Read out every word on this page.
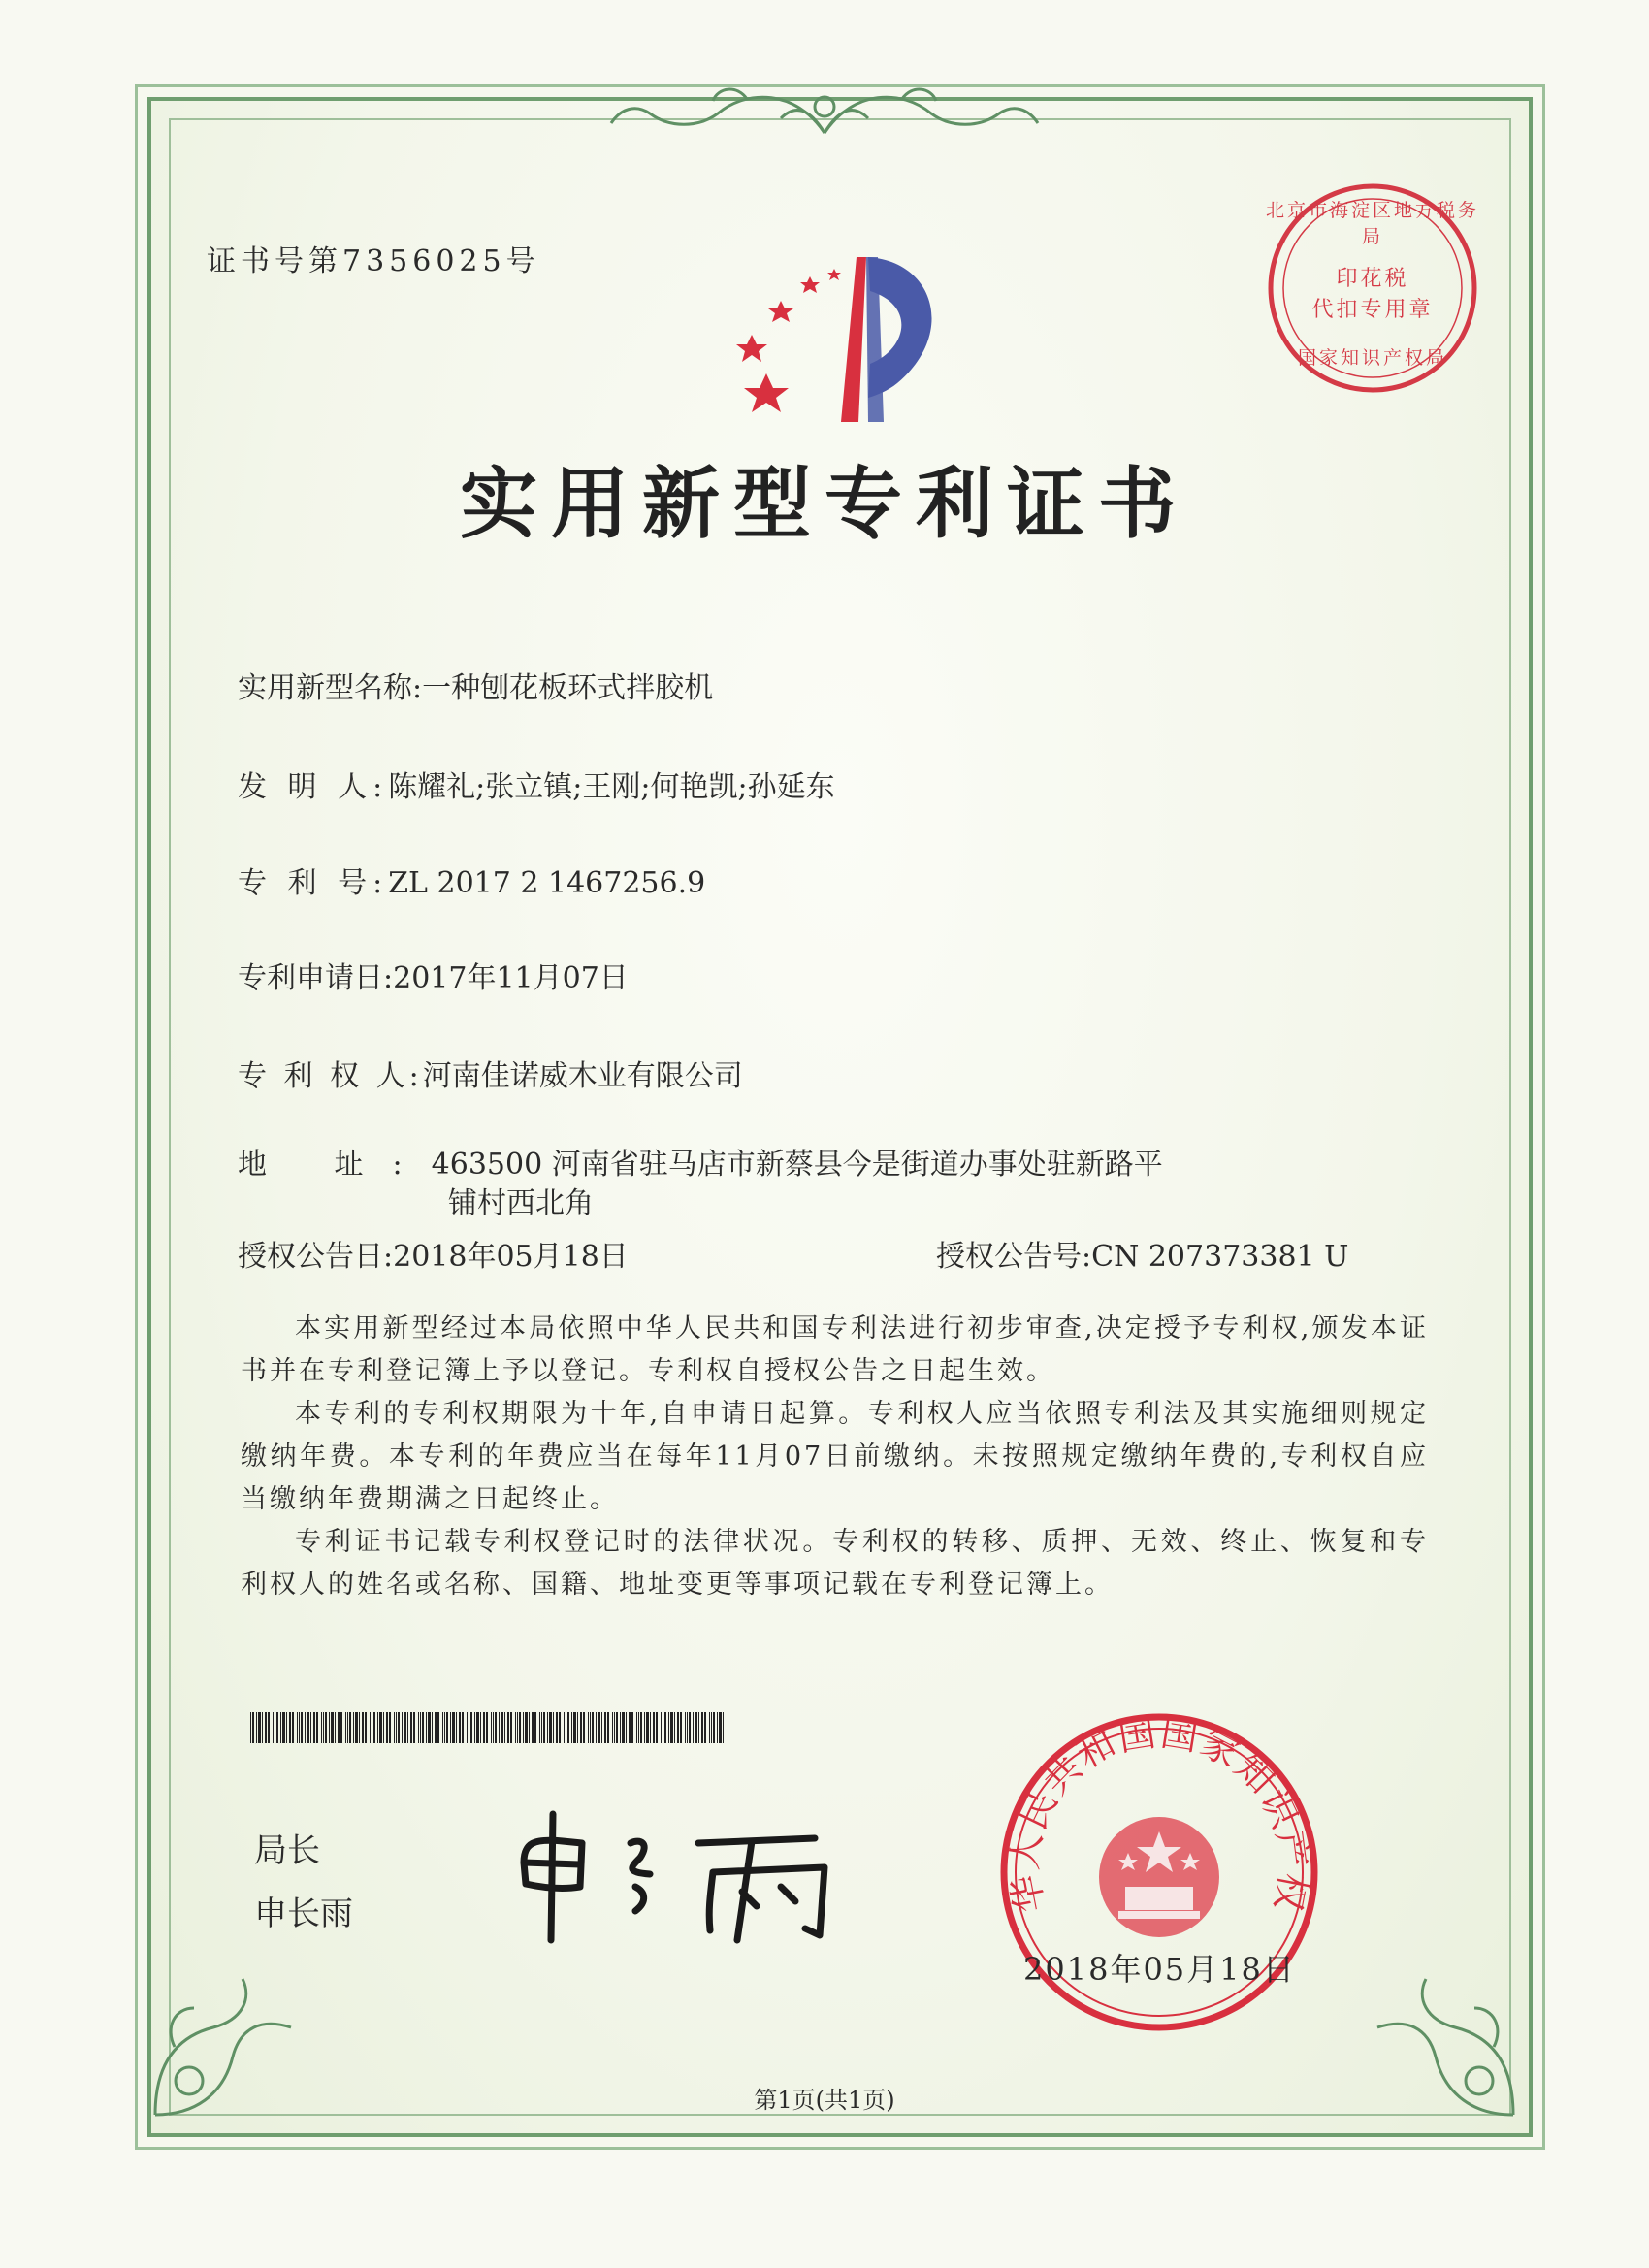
证书号第7356025号
北京市海淀区地方税务局
印花税
代扣专用章
国家知识产权局
实用新型专利证书
实用新型名称:一种刨花板环式拌胶机
发 明 人:陈耀礼;张立镇;王刚;何艳凯;孙延东
专 利 号:ZL 2017 2 1467256.9
专利申请日:2017年11月07日
专 利 权 人:河南佳诺威木业有限公司
地 址:463500 河南省驻马店市新蔡县今是街道办事处驻新路平
铺村西北角
授权公告日:2018年05月18日	授权公告号:CN 207373381 U

本实用新型经过本局依照中华人民共和国专利法进行初步审查,决定授予专利权,颁发本证书并在专利登记簿上予以登记。专利权自授权公告之日起生效。

本专利的专利权期限为十年,自申请日起算。专利权人应当依照专利法及其实施细则规定缴纳年费。本专利的年费应当在每年11月07日前缴纳。未按照规定缴纳年费的,专利权自应当缴纳年费期满之日起终止。

专利证书记载专利权登记时的法律状况。专利权的转移、质押、无效、终止、恢复和专利权人的姓名或名称、国籍、地址变更等事项记载在专利登记簿上。

局长
申长雨	华人民共和国国家知识产权
2018年05月18日
第1页(共1页)
